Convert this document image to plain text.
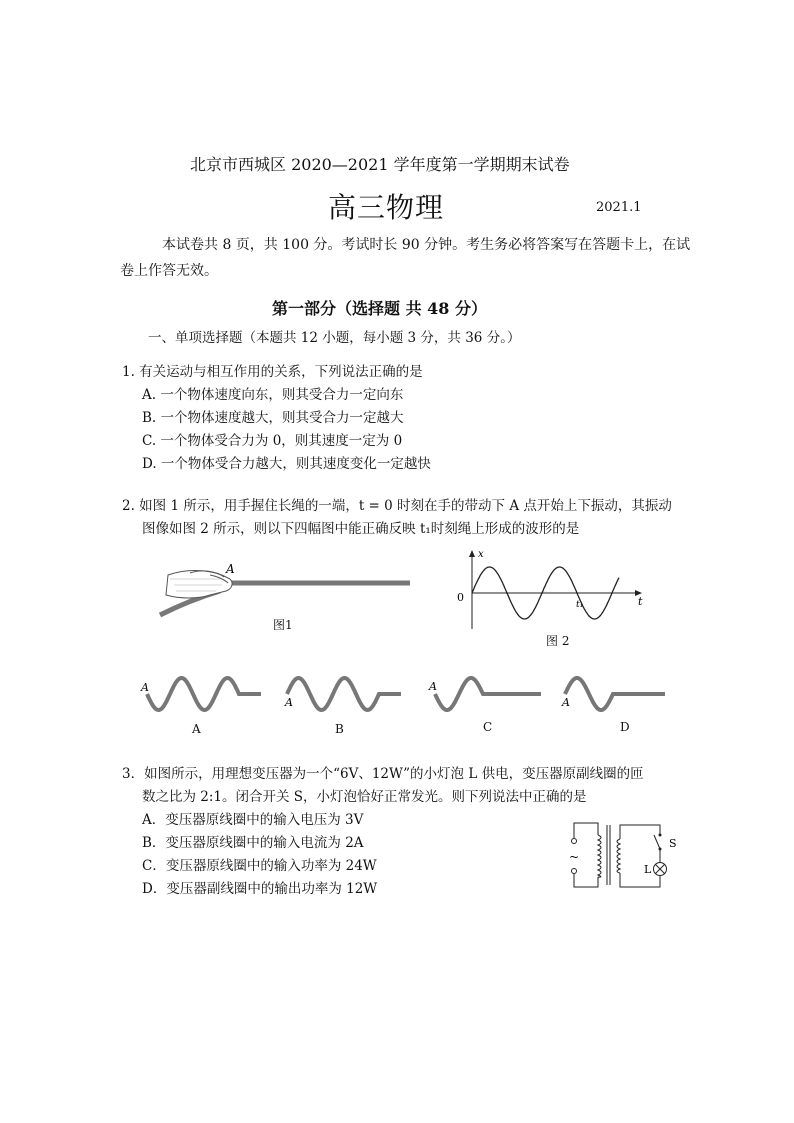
北京市西城区 2020—2021 学年度第一学期期末试卷
高三物理	2021.1
本试卷共 8 页，共 100 分。考试时长 90 分钟。考生务必将答案写在答题卡上，在试
卷上作答无效。
第一部分（选择题 共 48 分）
一、单项选择题（本题共 12 小题，每小题 3 分，共 36 分。）
1. 有关运动与相互作用的关系，下列说法正确的是
A. 一个物体速度向东，则其受合力一定向东
B. 一个物体速度越大，则其受合力一定越大
C. 一个物体受合力为 0，则其速度一定为 0
D. 一个物体受合力越大，则其速度变化一定越快
2. 如图 1 所示，用手握住长绳的一端，t = 0 时刻在手的带动下 A 点开始上下振动，其振动
图像如图 2 所示，则以下四幅图中能正确反映 t₁时刻绳上形成的波形的是
A
图1
x
0	t
t₁
图 2
A
A
A
A
A	B	C	D
3．如图所示，用理想变压器为一个“6V、12W”的小灯泡 L 供电，变压器原副线圈的匝
数之比为 2:1。闭合开关 S，小灯泡恰好正常发光。则下列说法中正确的是
A．变压器原线圈中的输入电压为 3V
B．变压器原线圈中的输入电流为 2A
C．变压器原线圈中的输入功率为 24W
D．变压器副线圈中的输出功率为 12W
~
S
L
